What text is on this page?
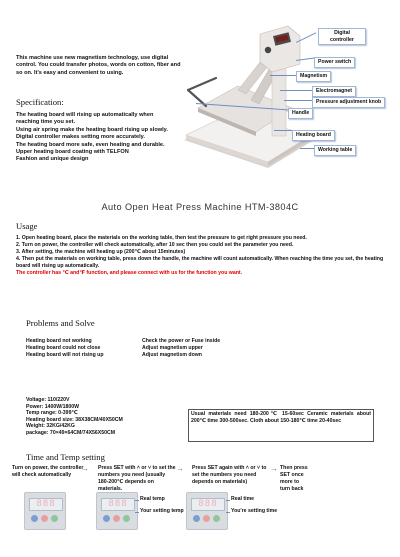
This machine use new magnetism technology, use digital control. You could transfer photos, words on cotton, fiber and so on. It's easy and convenient to using.
Specification:
The heating board will rising up automatically when reaching time you set.
Using air spring make the heating board rising up slowly.
Digital controller makes setting more accurately.
The heating board more safe, even heating and durable.
Upper heating board coating with TELFON
Fashion and unique design
Digital controller
Power switch
Magnetism
Electromagnet
Pressure adjustment knob
Handle
Heating board
Working table
Auto Open Heat Press Machine HTM-3804C
Usage
1. Open heating board, place the materials on the working table, then test the pressure to get right pressure you need.
2. Turn on power, the controller will check automatically, after 10 sec then you could set the parameter you need.
3. After setting, the machine will heating up (200℃ about 15minutes)
4. Then put the materials on working table, press down the handle, the machine will count automatically. When reaching the time you set, the heating board will rising up automatically.
The controller has ℃ and℉ function, and please connect with us for the function you want.
Problems and Solve
Heating board not working	Check the power or Fuse inside
Heating board could not close	Adjust magnetism upper
Heating board will not rising up	Adjust magnetism down
Voltage: 110/220V
Power: 1400W/1800W
Temp range: 0-399℃
Heating board size: 38X38CM/40X50CM
Weight: 32KG/42KG
package: 70×49×64CM/74X56X50CM
Usual materials need 180-200℃ 15-60sec Ceramic materials about 200℃ time 300-500sec. Cloth about 150-180℃ time 20-40sec
Time and Temp setting
Turn on power, the controller will check automatically
Press SET with ˄ or ˅ to set the numbers you need (usually 180-200℃ depends on materials.
Press SET again with ˄ or ˅ to set the numbers you need depends on materials)
Then press SET once more to turn back
→	→	→
888	888	888
Real temp
Your setting temp
Real time
You're setting time
